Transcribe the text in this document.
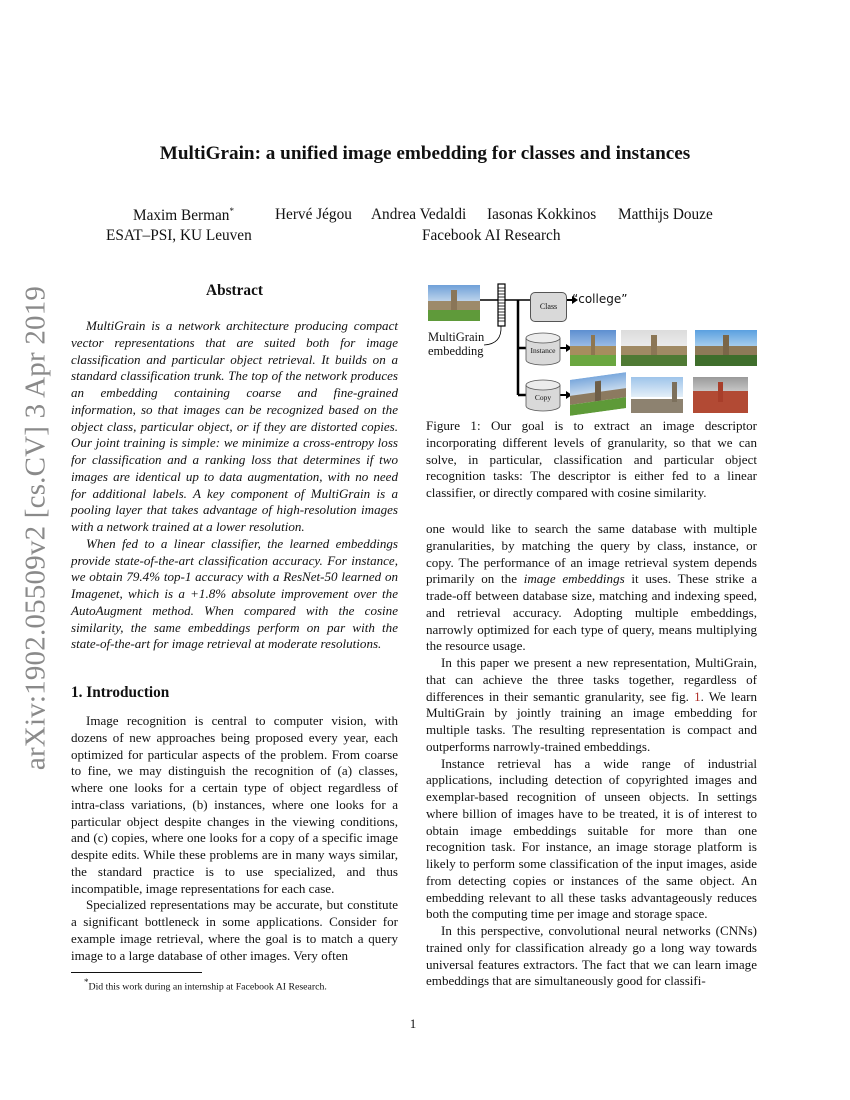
arXiv:1902.05509v2 [cs.CV] 3 Apr 2019
MultiGrain: a unified image embedding for classes and instances
Maxim Berman*	Hervé Jégou Andrea Vedaldi Iasonas Kokkinos Matthijs Douze
ESAT–PSI, KU Leuven	Facebook AI Research
Abstract

MultiGrain is a network architecture producing compact vector representations that are suited both for image classification and particular object retrieval. It builds on a standard classification trunk. The top of the network produces an embedding containing coarse and fine-grained information, so that images can be recognized based on the object class, particular object, or if they are distorted copies. Our joint training is simple: we minimize a cross-entropy loss for classification and a ranking loss that determines if two images are identical up to data augmentation, with no need for additional labels. A key component of MultiGrain is a pooling layer that takes advantage of high-resolution images with a network trained at a lower resolution.

When fed to a linear classifier, the learned embeddings provide state-of-the-art classification accuracy. For instance, we obtain 79.4% top-1 accuracy with a ResNet-50 learned on Imagenet, which is a +1.8% absolute improvement over the AutoAugment method. When compared with the cosine similarity, the same embeddings perform on par with the state-of-the-art for image retrieval at moderate resolutions.

1. Introduction

Image recognition is central to computer vision, with dozens of new approaches being proposed every year, each optimized for particular aspects of the problem. From coarse to fine, we may distinguish the recognition of (a) classes, where one looks for a certain type of object regardless of intra-class variations, (b) instances, where one looks for a particular object despite changes in the viewing conditions, and (c) copies, where one looks for a copy of a specific image despite edits. While these problems are in many ways similar, the standard practice is to use specialized, and thus incompatible, image representations for each case.

Specialized representations may be accurate, but constitute a significant bottleneck in some applications. Consider for example image retrieval, where the goal is to match a query image to a large database of other images. Very often

*Did this work during an internship at Facebook AI Research.
MultiGrain
embedding
Class
“college”
Instance
Copy

Figure 1: Our goal is to extract an image descriptor incorporating different levels of granularity, so that we can solve, in particular, classification and particular object recognition tasks: The descriptor is either fed to a linear classifier, or directly compared with cosine similarity.

one would like to search the same database with multiple granularities, by matching the query by class, instance, or copy. The performance of an image retrieval system depends primarily on the image embeddings it uses. These strike a trade-off between database size, matching and indexing speed, and retrieval accuracy. Adopting multiple embeddings, narrowly optimized for each type of query, means multiplying the resource usage.

In this paper we present a new representation, MultiGrain, that can achieve the three tasks together, regardless of differences in their semantic granularity, see fig. 1. We learn MultiGrain by jointly training an image embedding for multiple tasks. The resulting representation is compact and outperforms narrowly-trained embeddings.

Instance retrieval has a wide range of industrial applications, including detection of copyrighted images and exemplar-based recognition of unseen objects. In settings where billion of images have to be treated, it is of interest to obtain image embeddings suitable for more than one recognition task. For instance, an image storage platform is likely to perform some classification of the input images, aside from detecting copies or instances of the same object. An embedding relevant to all these tasks advantageously reduces both the computing time per image and storage space.

In this perspective, convolutional neural networks (CNNs) trained only for classification already go a long way towards universal features extractors. The fact that we can learn image embeddings that are simultaneously good for classifi-

1
